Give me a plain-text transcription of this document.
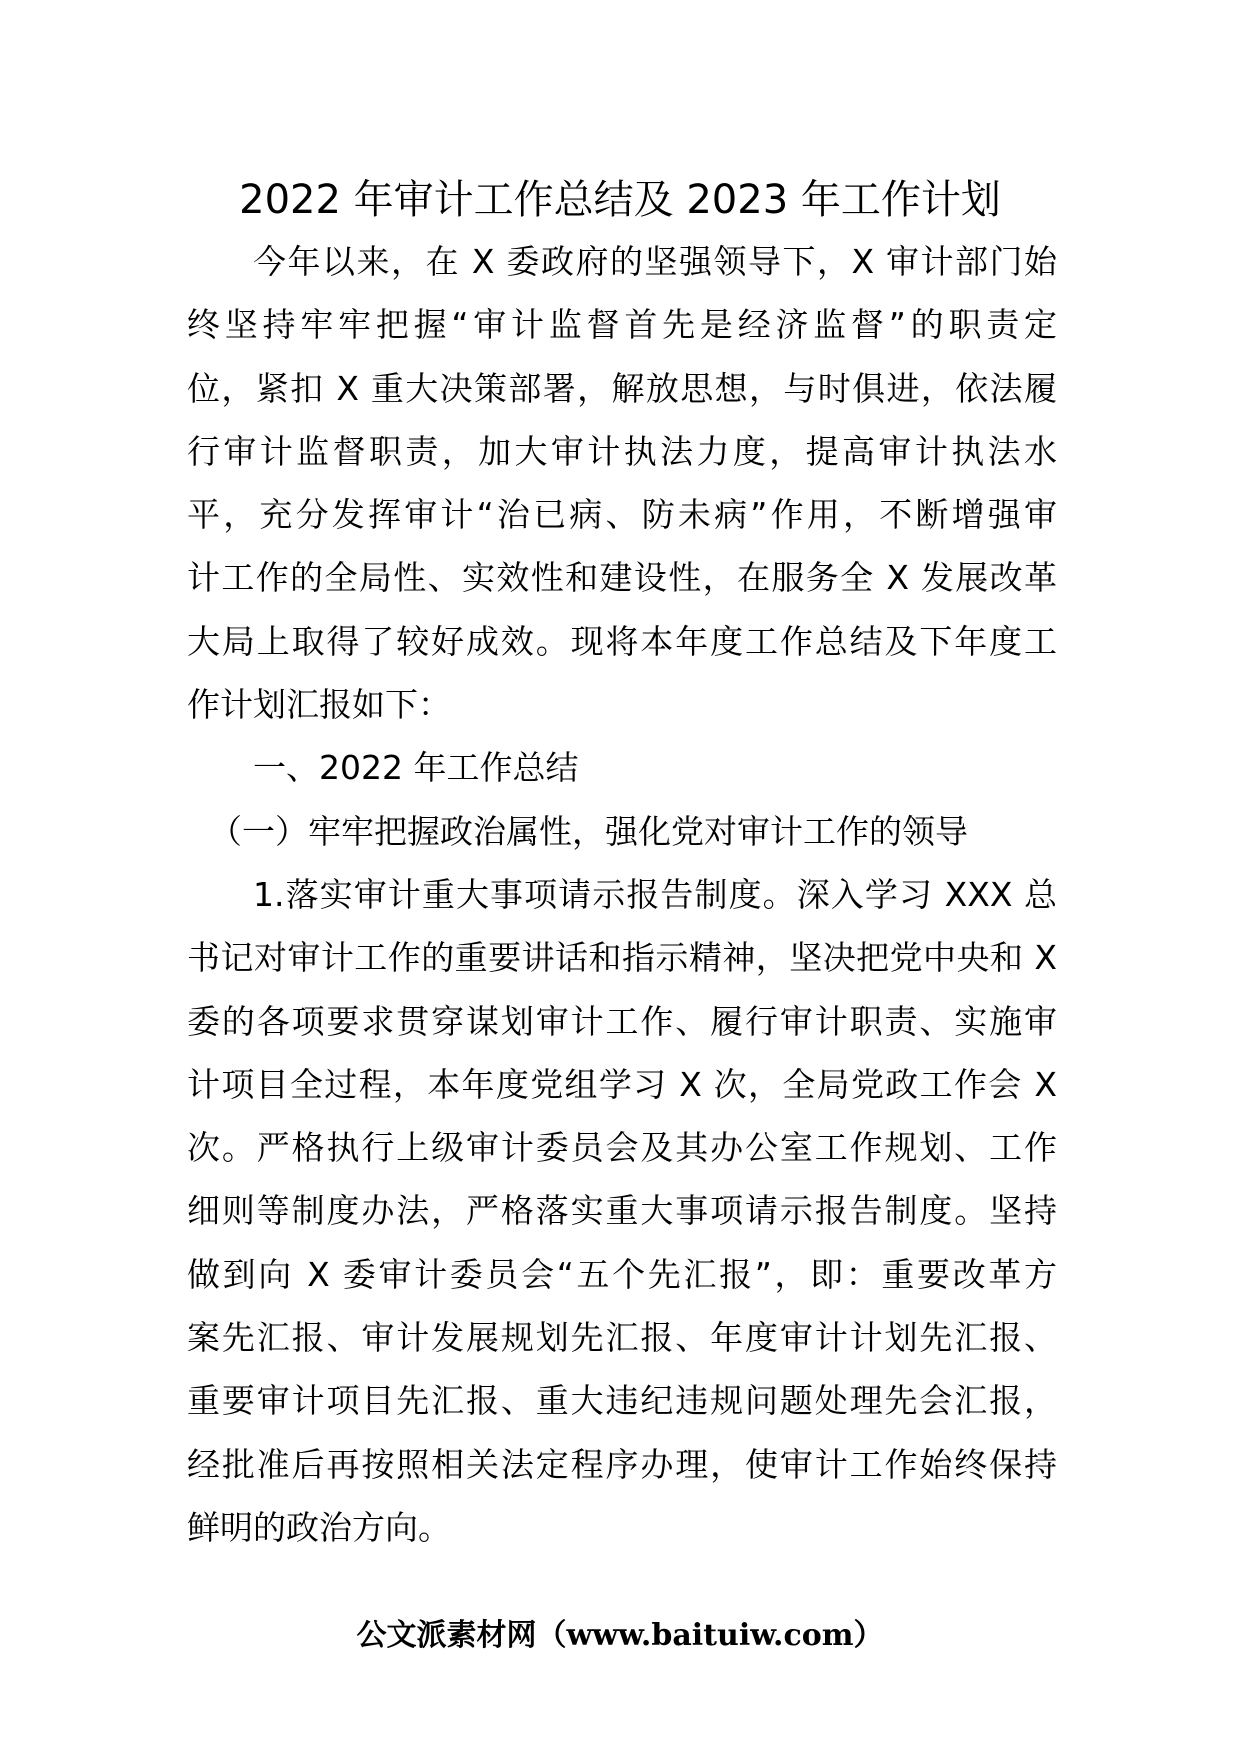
2022 年审计工作总结及 2023 年工作计划
今年以来，在 X 委政府的坚强领导下，X 审计部门始
终坚持牢牢把握“审计监督首先是经济监督”的职责定
位，紧扣 X 重大决策部署，解放思想，与时俱进，依法履
行审计监督职责，加大审计执法力度，提高审计执法水
平，充分发挥审计“治已病、防未病”作用，不断增强审
计工作的全局性、实效性和建设性，在服务全 X 发展改革
大局上取得了较好成效。现将本年度工作总结及下年度工
作计划汇报如下：
一、2022 年工作总结
（一）牢牢把握政治属性，强化党对审计工作的领导
1.落实审计重大事项请示报告制度。深入学习 XXX 总
书记对审计工作的重要讲话和指示精神，坚决把党中央和 X
委的各项要求贯穿谋划审计工作、履行审计职责、实施审
计项目全过程，本年度党组学习 X 次，全局党政工作会 X
次。严格执行上级审计委员会及其办公室工作规划、工作
细则等制度办法，严格落实重大事项请示报告制度。坚持
做到向 X 委审计委员会“五个先汇报”，即：重要改革方
案先汇报、审计发展规划先汇报、年度审计计划先汇报、
重要审计项目先汇报、重大违纪违规问题处理先会汇报，
经批准后再按照相关法定程序办理，使审计工作始终保持
鲜明的政治方向。
公文派素材网（www.baituiw.com）
